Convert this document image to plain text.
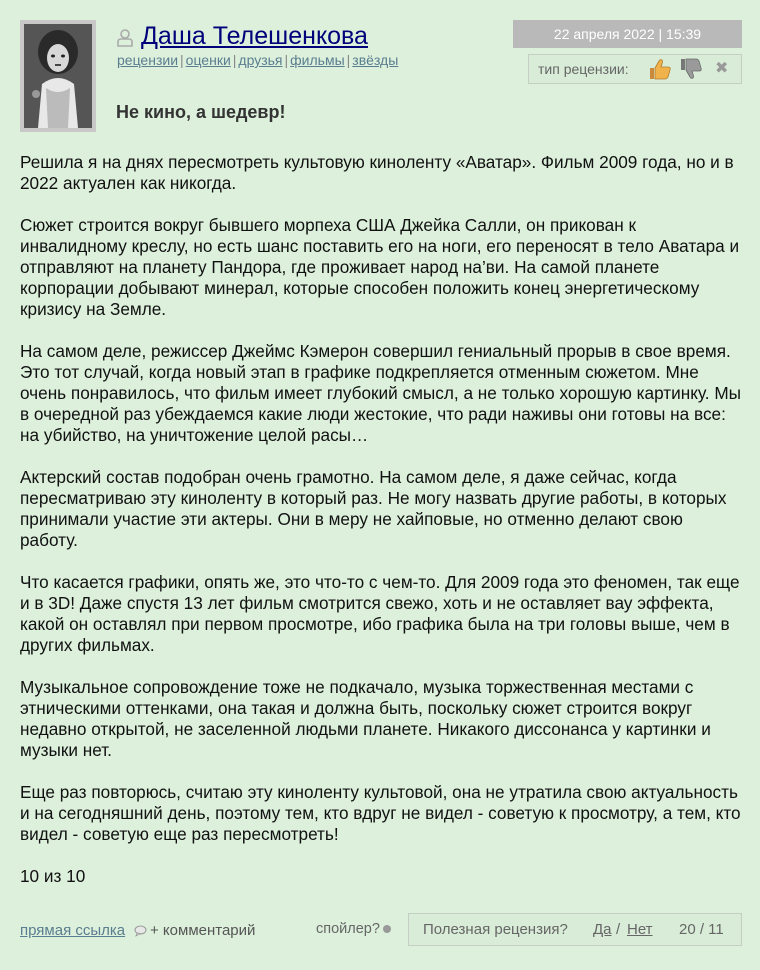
Даша Телешенкова
рецензии | оценки | друзья | фильмы | звёзды
22 апреля 2022 | 15:39
тип рецензии:	✖
Не кино, а шедевр!

Решила я на днях пересмотреть культовую киноленту «Аватар». Фильм 2009 года, но и в 2022 актуален как никогда.

Сюжет строится вокруг бывшего морпеха США Джейка Салли, он прикован к инвалидному креслу, но есть шанс поставить его на ноги, его переносят в тело Аватара и отправляют на планету Пандора, где проживает народ на’ви. На самой планете корпорации добывают минерал, которые способен положить конец энергетическому кризису на Земле.

На самом деле, режиссер Джеймс Кэмерон совершил гениальный прорыв в свое время. Это тот случай, когда новый этап в графике подкрепляется отменным сюжетом. Мне очень понравилось, что фильм имеет глубокий смысл, а не только хорошую картинку. Мы в очередной раз убеждаемся какие люди жестокие, что ради наживы они готовы на все: на убийство, на уничтожение целой расы…

Актерский состав подобран очень грамотно. На самом деле, я даже сейчас, когда пересматриваю эту киноленту в который раз. Не могу назвать другие работы, в которых принимали участие эти актеры. Они в меру не хайповые, но отменно делают свою работу.

Что касается графики, опять же, это что-то с чем-то. Для 2009 года это феномен, так еще и в 3D! Даже спустя 13 лет фильм смотрится свежо, хоть и не оставляет вау эффекта, какой он оставлял при первом просмотре, ибо графика была на три головы выше, чем в других фильмах.

Музыкальное сопровождение тоже не подкачало, музыка торжественная местами с этническими оттенками, она такая и должна быть, поскольку сюжет строится вокруг недавно открытой, не заселенной людьми планете. Никакого диссонанса у картинки и музыки нет.

Еще раз повторюсь, считаю эту киноленту культовой, она не утратила свою актуальность и на сегодняшний день, поэтому тем, кто вдруг не видел - советую к просмотру, а тем, кто видел - советую еще раз пересмотреть!

10 из 10

прямая ссылка	+ комментарий	спойлер?	Полезная рецензия? Да / Нет 20 / 11
